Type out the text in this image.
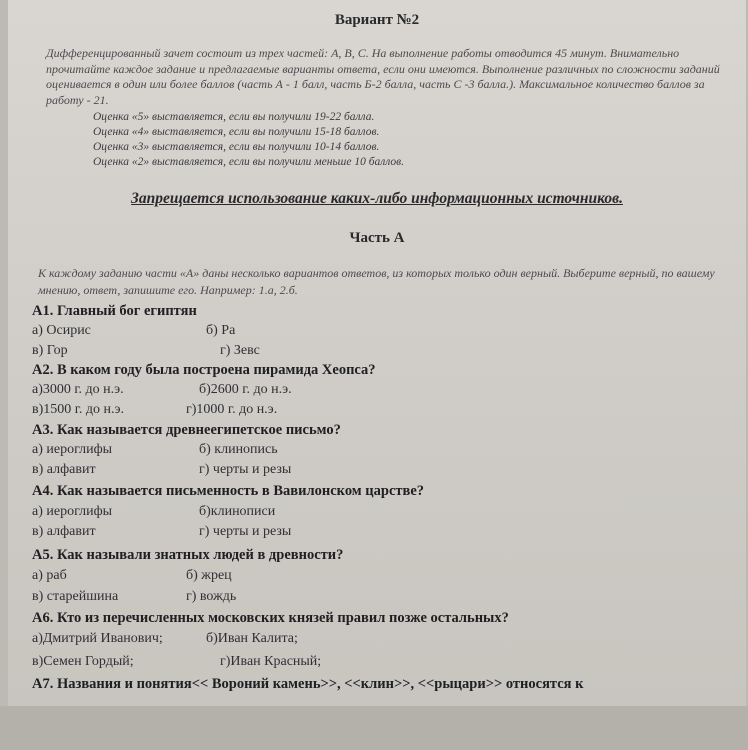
Вариант №2
Дифференцированный зачет состоит из трех частей: А, В, С. На выполнение работы отводится 45 минут. Внимательно прочитайте каждое задание и предлагаемые варианты ответа, если они имеются. Выполнение различных по сложности заданий оценивается в один или более баллов (часть А - 1 балл, часть Б-2 балла, часть С -3 балла.). Максимальное количество баллов за работу - 21.
Оценка «5» выставляется, если вы получили 19-22 балла.
Оценка «4» выставляется, если вы получили 15-18 баллов.
Оценка «3» выставляется, если вы получили 10-14 баллов.
Оценка «2» выставляется, если вы получили меньше 10 баллов.
Запрещается использование каких-либо информационных источников.
Часть А
К каждому заданию части «А» даны несколько вариантов ответов, из которых только один верный. Выберите верный, по вашему мнению, ответ, запишите его. Например: 1.а, 2.б.
А1. Главный бог египтян
а) Осирис	б) Ра
в) Гор	г) Зевс
А2. В каком году была построена пирамида Хеопса?
а)3000 г. до н.э.	б)2600 г. до н.э.
в)1500 г. до н.э.	г)1000 г. до н.э.
А3. Как называется древнеегипетское письмо?
а) иероглифы	б) клинопись
в) алфавит	г) черты и резы
А4. Как называется письменность в Вавилонском царстве?
а) иероглифы	б)клинописи
в) алфавит	г) черты и резы
А5. Как называли знатных людей в древности?
а) раб	б) жрец
в) старейшина	г) вождь
А6. Кто из перечисленных московских князей правил позже остальных?
а)Дмитрий Иванович;	б)Иван Калита;
в)Семен Гордый;	г)Иван Красный;
А7. Названия и понятия<< Вороний камень>>, <<клин>>, <<рыцари>> относятся к
